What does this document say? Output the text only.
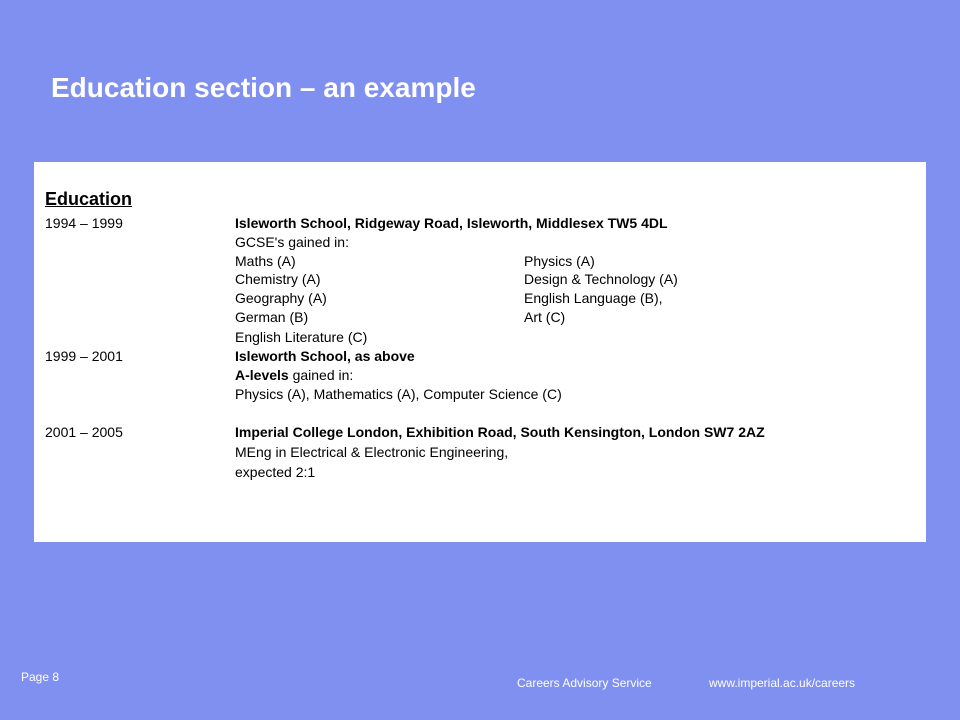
Education section – an example
Education
1994 – 1999	Isleworth School, Ridgeway Road, Isleworth, Middlesex TW5 4DL
GCSE's gained in:
Maths (A)	Physics (A)
Chemistry (A)	Design & Technology (A)
Geography (A)	English Language (B),
German (B)	Art (C)
English Literature (C)
1999 – 2001	Isleworth School, as above
A-levels gained in:
Physics (A), Mathematics (A), Computer Science (C)
2001 – 2005	Imperial College London, Exhibition Road, South Kensington, London SW7 2AZ
MEng in Electrical & Electronic Engineering,
expected 2:1
Page 8	Careers Advisory Service	www.imperial.ac.uk/careers
